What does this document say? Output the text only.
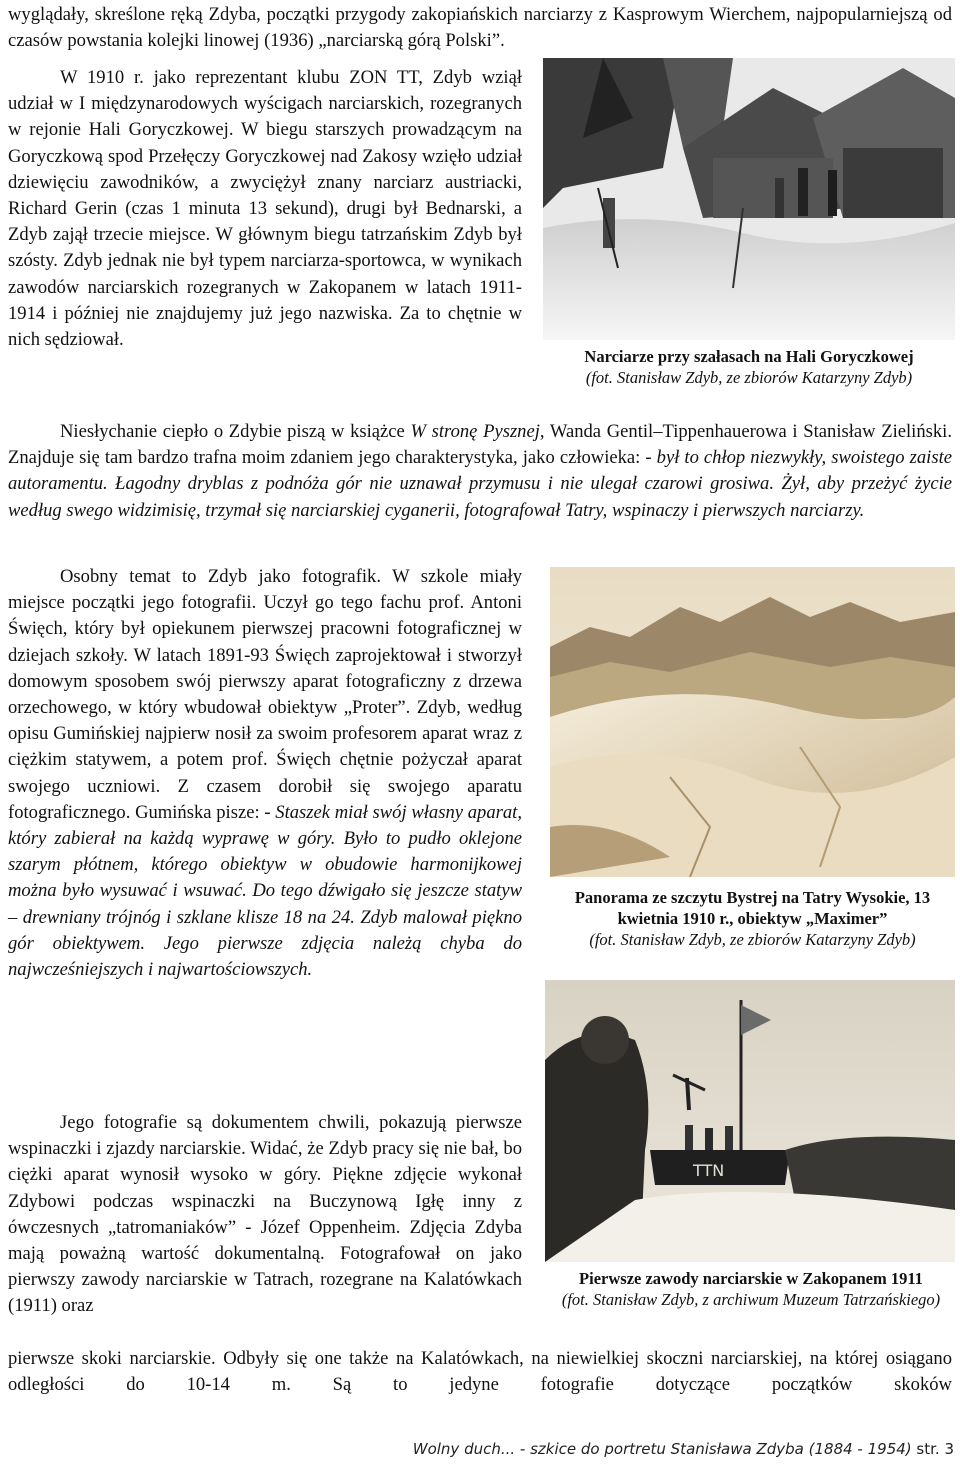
wyglądały, skreślone ręką Zdyba, początki przygody zakopiańskich narciarzy z Kasprowym Wierchem, najpopularniejszą od czasów powstania kolejki linowej (1936) „narciarską górą Polski”.

W 1910 r. jako reprezentant klubu ZON TT, Zdyb wziął udział w I międzynarodowych wyścigach narciarskich, rozegranych w rejonie Hali Goryczkowej. W biegu starszych prowadzącym na Goryczkową spod Przełęczy Goryczkowej nad Zakosy wzięło udział dziewięciu zawodników, a zwyciężył znany narciarz austriacki, Richard Gerin (czas 1 minuta 13 sekund), drugi był Bednarski, a Zdyb zajął trzecie miejsce. W głównym biegu tatrzańskim Zdyb był szósty. Zdyb jednak nie był typem narciarza-sportowca, w wynikach zawodów narciarskich rozegranych w Zakopanem w latach 1911-1914 i później nie znajdujemy już jego nazwiska. Za to chętnie w nich sędziował.

Narciarze przy szałasach na Hali Goryczkowej
(fot. Stanisław Zdyb, ze zbiorów Katarzyny Zdyb)

Niesłychanie ciepło o Zdybie piszą w książce W stronę Pysznej, Wanda Gentil–Tippenhauerowa i Stanisław Zieliński. Znajduje się tam bardzo trafna moim zdaniem jego charakterystyka, jako człowieka: - był to chłop niezwykły, swoistego zaiste autoramentu. Łagodny dryblas z podnóża gór nie uznawał przymusu i nie ulegał czarowi grosiwa. Żył, aby przeżyć życie według swego widzimisię, trzymał się narciarskiej cyganerii, fotografował Tatry, wspinaczy i pierwszych narciarzy.

Osobny temat to Zdyb jako fotografik. W szkole miały miejsce początki jego fotografii. Uczył go tego fachu prof. Antoni Święch, który był opiekunem pierwszej pracowni fotograficznej w dziejach szkoły. W latach 1891-93 Święch zaprojektował i stworzył domowym sposobem swój pierwszy aparat fotograficzny z drzewa orzechowego, w który wbudował obiektyw „Proter”. Zdyb, według opisu Gumińskiej najpierw nosił za swoim profesorem aparat wraz z ciężkim statywem, a potem prof. Święch chętnie pożyczał aparat swojego uczniowi. Z czasem dorobił się swojego aparatu fotograficznego. Gumińska pisze: - Staszek miał swój własny aparat, który zabierał na każdą wyprawę w góry. Było to pudło oklejone szarym płótnem, którego obiektyw w obudowie harmonijkowej można było wysuwać i wsuwać. Do tego dźwigało się jeszcze statyw – drewniany trójnóg i szklane klisze 18 na 24. Zdyb malował piękno gór obiektywem. Jego pierwsze zdjęcia należą chyba do najwcześniejszych i najwartościowszych.

Panorama ze szczytu Bystrej na Tatry Wysokie, 13 kwietnia 1910 r., obiektyw „Maximer”
(fot. Stanisław Zdyb, ze zbiorów Katarzyny Zdyb)
TTN
Pierwsze zawody narciarskie w Zakopanem 1911
(fot. Stanisław Zdyb, z archiwum Muzeum Tatrzańskiego)

Jego fotografie są dokumentem chwili, pokazują pierwsze wspinaczki i zjazdy narciarskie. Widać, że Zdyb pracy się nie bał, bo ciężki aparat wynosił wysoko w góry. Piękne zdjęcie wykonał Zdybowi podczas wspinaczki na Buczynową Igłę inny z ówczesnych „tatromaniaków” - Józef Oppenheim. Zdjęcia Zdyba mają poważną wartość dokumentalną. Fotografował on jako pierwszy zawody narciarskie w Tatrach, rozegrane na Kalatówkach (1911) oraz

pierwsze skoki narciarskie. Odbyły się one także na Kalatówkach, na niewielkiej skoczni narciarskiej, na której osiągano odległości do 10-14 m. Są to jedyne fotografie dotyczące początków skoków

Wolny duch... - szkice do portretu Stanisława Zdyba (1884 - 1954) str. 3
